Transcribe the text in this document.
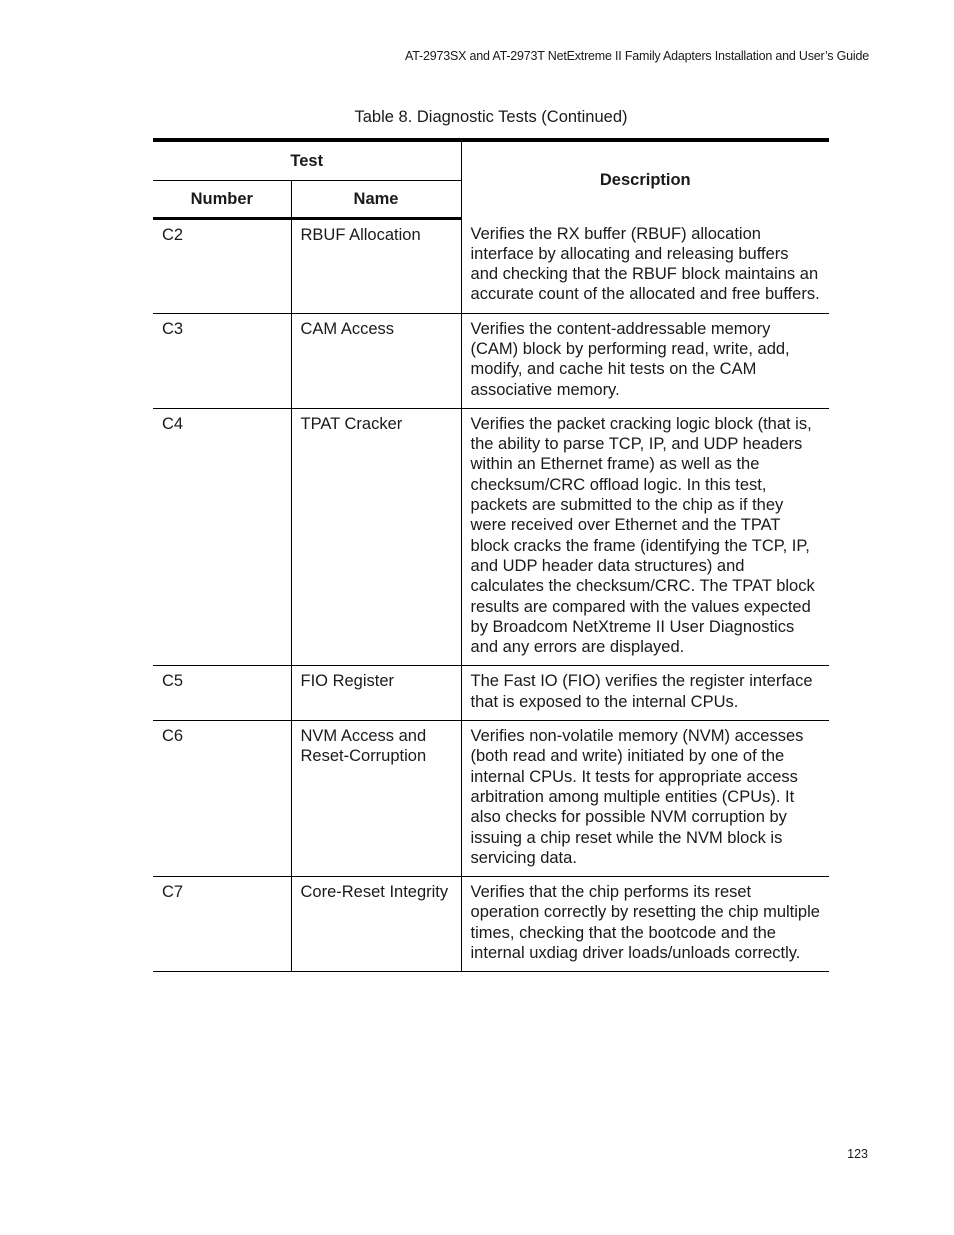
AT-2973SX and AT-2973T NetExtreme II Family Adapters Installation and User’s Guide
Table 8. Diagnostic Tests (Continued)
Test		Description
Number	Name	
C2	RBUF Allocation	Verifies the RX buffer (RBUF) allocation interface by allocating and releasing buffers and checking that the RBUF block maintains an accurate count of the allocated and free buffers.
C3	CAM Access	Verifies the content-addressable memory (CAM) block by performing read, write, add, modify, and cache hit tests on the CAM associative memory.
C4	TPAT Cracker	Verifies the packet cracking logic block (that is, the ability to parse TCP, IP, and UDP headers within an Ethernet frame) as well as the checksum/CRC offload logic. In this test, packets are submitted to the chip as if they were received over Ethernet and the TPAT block cracks the frame (identifying the TCP, IP, and UDP header data structures) and calculates the checksum/CRC. The TPAT block results are compared with the values expected by Broadcom NetXtreme II User Diagnostics and any errors are displayed.
C5	FIO Register	The Fast IO (FIO) verifies the register interface that is exposed to the internal CPUs.
C6	NVM Access and Reset-Corruption	Verifies non-volatile memory (NVM) accesses (both read and write) initiated by one of the internal CPUs. It tests for appropriate access arbitration among multiple entities (CPUs). It also checks for possible NVM corruption by issuing a chip reset while the NVM block is servicing data.
C7	Core-Reset Integrity	Verifies that the chip performs its reset operation correctly by resetting the chip multiple times, checking that the bootcode and the internal uxdiag driver loads/unloads correctly.
123
